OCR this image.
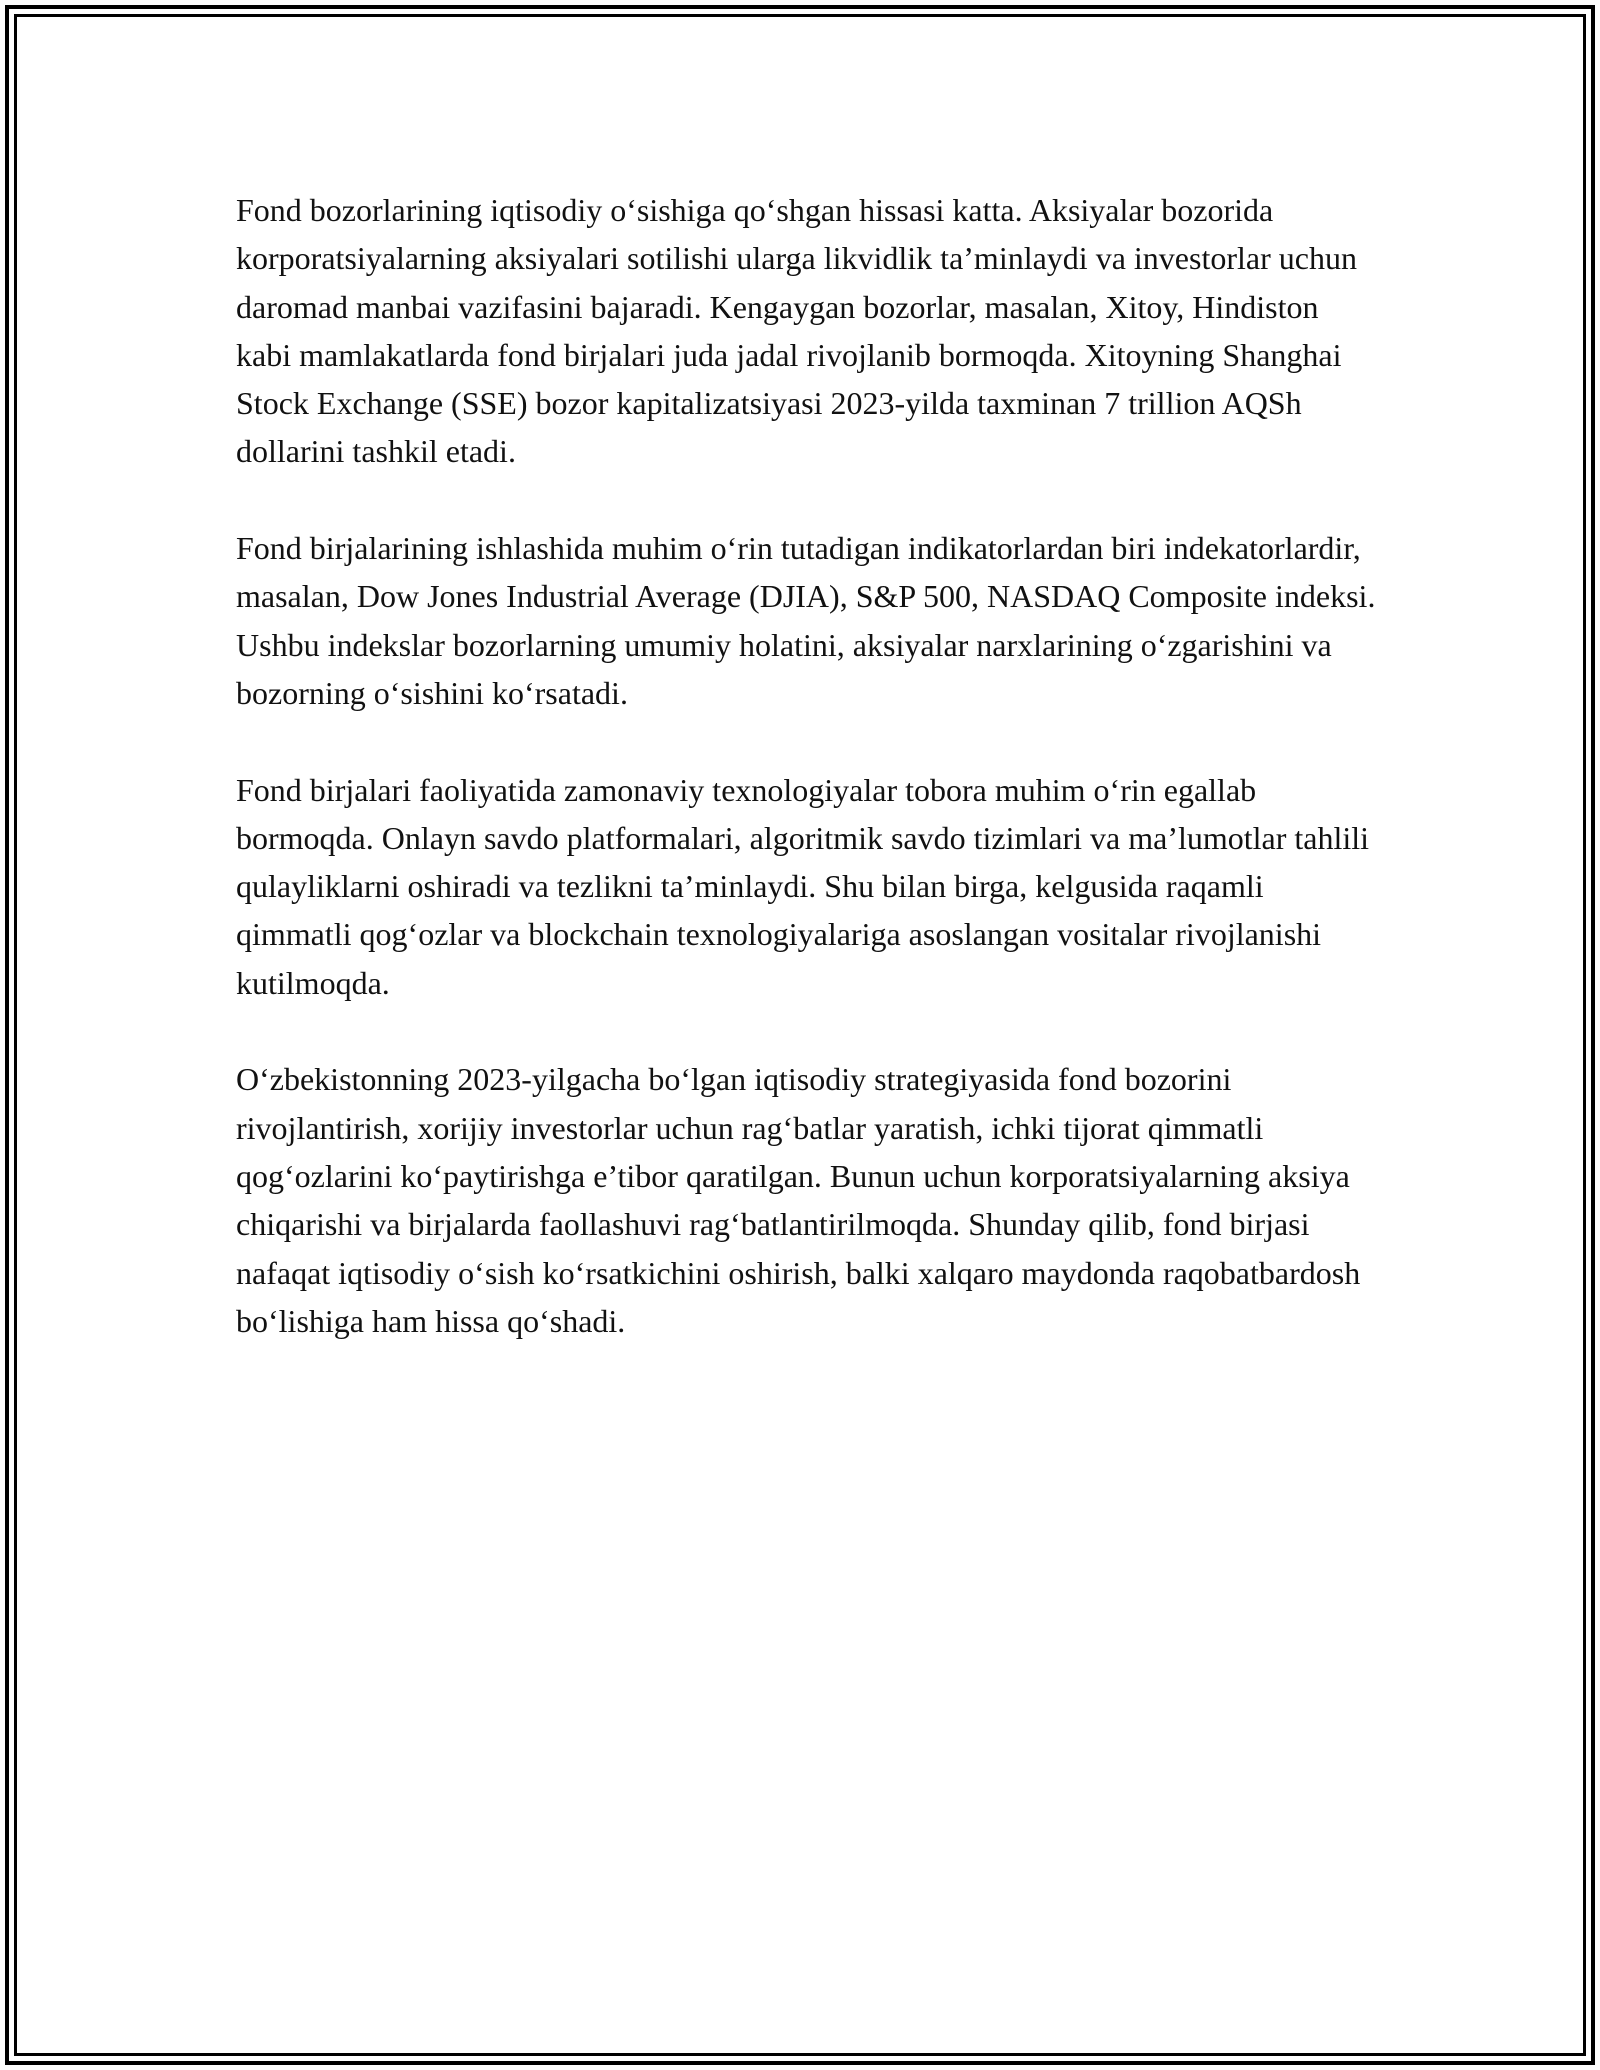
Fond bozorlarining iqtisodiy o‘sishiga qo‘shgan hissasi katta. Aksiyalar bozorida korporatsiyalarning aksiyalari sotilishi ularga likvidlik ta’minlaydi va investorlar uchun daromad manbai vazifasini bajaradi. Kengaygan bozorlar, masalan, Xitoy, Hindiston kabi mamlakatlarda fond birjalari juda jadal rivojlanib bormoqda. Xitoyning Shanghai Stock Exchange (SSE) bozor kapitalizatsiyasi 2023-yilda taxminan 7 trillion AQSh dollarini tashkil etadi.

Fond birjalarining ishlashida muhim o‘rin tutadigan indikatorlardan biri indekatorlardir, masalan, Dow Jones Industrial Average (DJIA), S&P 500, NASDAQ Composite indeksi. Ushbu indekslar bozorlarning umumiy holatini, aksiyalar narxlarining o‘zgarishini va bozorning o‘sishini ko‘rsatadi.

Fond birjalari faoliyatida zamonaviy texnologiyalar tobora muhim o‘rin egallab bormoqda. Onlayn savdo platformalari, algoritmik savdo tizimlari va ma’lumotlar tahlili qulayliklarni oshiradi va tezlikni ta’minlaydi. Shu bilan birga, kelgusida raqamli qimmatli qog‘ozlar va blockchain texnologiyalariga asoslangan vositalar rivojlanishi kutilmoqda.

O‘zbekistonning 2023-yilgacha bo‘lgan iqtisodiy strategiyasida fond bozorini rivojlantirish, xorijiy investorlar uchun rag‘batlar yaratish, ichki tijorat qimmatli qog‘ozlarini ko‘paytirishga e’tibor qaratilgan. Bunun uchun korporatsiyalarning aksiya chiqarishi va birjalarda faollashuvi rag‘batlantirilmoqda. Shunday qilib, fond birjasi nafaqat iqtisodiy o‘sish ko‘rsatkichini oshirish, balki xalqaro maydonda raqobatbardosh bo‘lishiga ham hissa qo‘shadi.
